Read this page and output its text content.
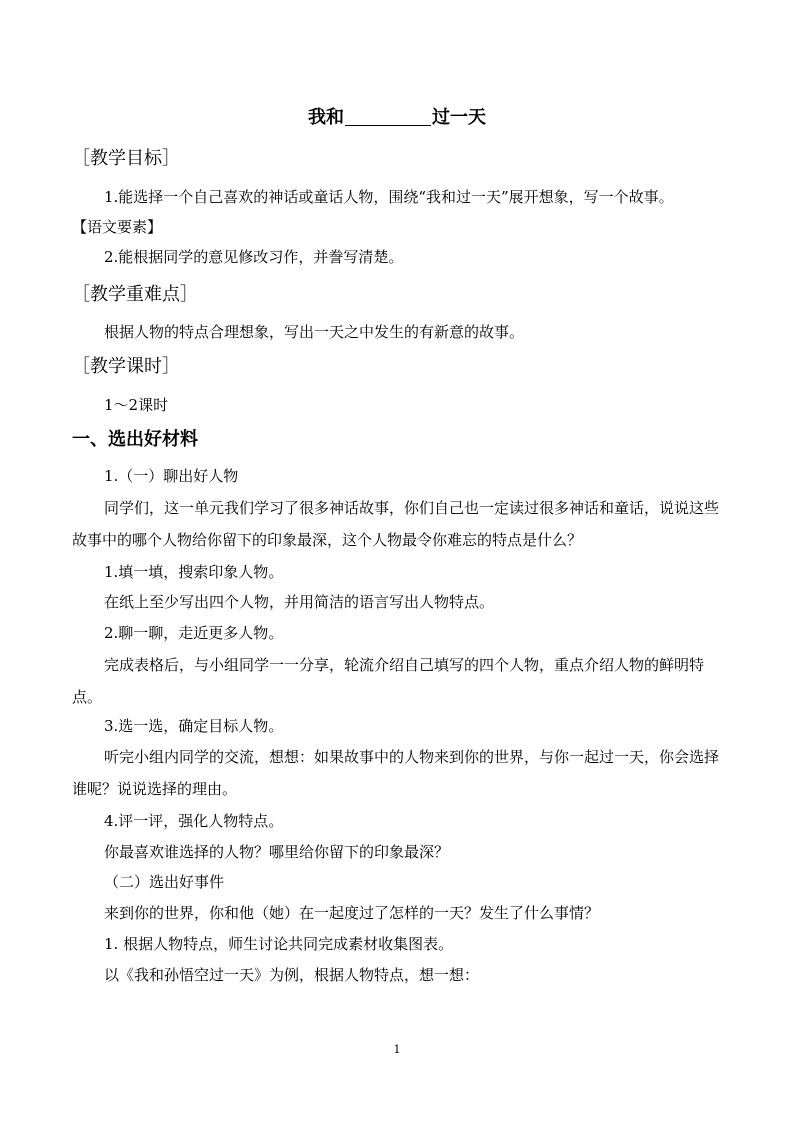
我和	过一天
［教学目标］
1.能选择一个自己喜欢的神话或童话人物，围绕“我和过一天”展开想象，写一个故事。
【语文要素】
2.能根据同学的意见修改习作，并誊写清楚。
［教学重难点］
根据人物的特点合理想象，写出一天之中发生的有新意的故事。
［教学课时］
1～2课时
一、选出好材料
1.（一）聊出好人物
同学们，这一单元我们学习了很多神话故事，你们自己也一定读过很多神话和童话，说说这些故事中的哪个人物给你留下的印象最深，这个人物最令你难忘的特点是什么？
1.填一填，搜索印象人物。
在纸上至少写出四个人物，并用简洁的语言写出人物特点。
2.聊一聊，走近更多人物。
完成表格后，与小组同学一一分享，轮流介绍自己填写的四个人物，重点介绍人物的鲜明特点。
3.选一选，确定目标人物。
听完小组内同学的交流，想想：如果故事中的人物来到你的世界，与你一起过一天，你会选择谁呢？说说选择的理由。
4.评一评，强化人物特点。
你最喜欢谁选择的人物？哪里给你留下的印象最深？
（二）选出好事件
来到你的世界，你和他（她）在一起度过了怎样的一天？发生了什么事情？
1. 根据人物特点，师生讨论共同完成素材收集图表。
以《我和孙悟空过一天》为例，根据人物特点，想一想：
1
